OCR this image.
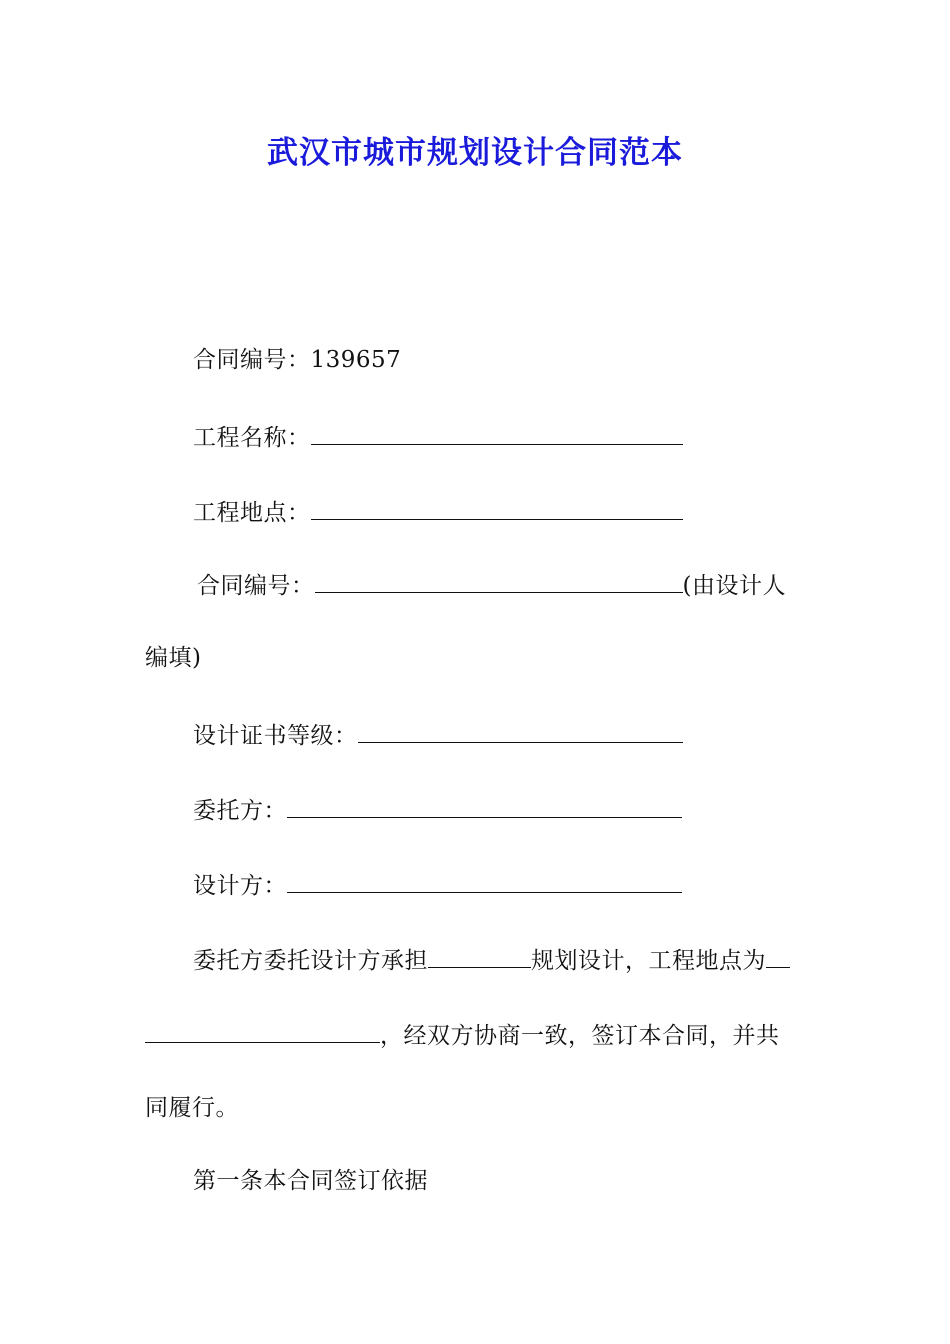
武汉市城市规划设计合同范本
合同编号：139657
工程名称：
工程地点：
合同编号：	(由设计人
编填)
设计证书等级：
委托方：
设计方：
委托方委托设计方承担	规划设计，工程地点为
，经双方协商一致，签订本合同，并共
同履行。
第一条本合同签订依据
